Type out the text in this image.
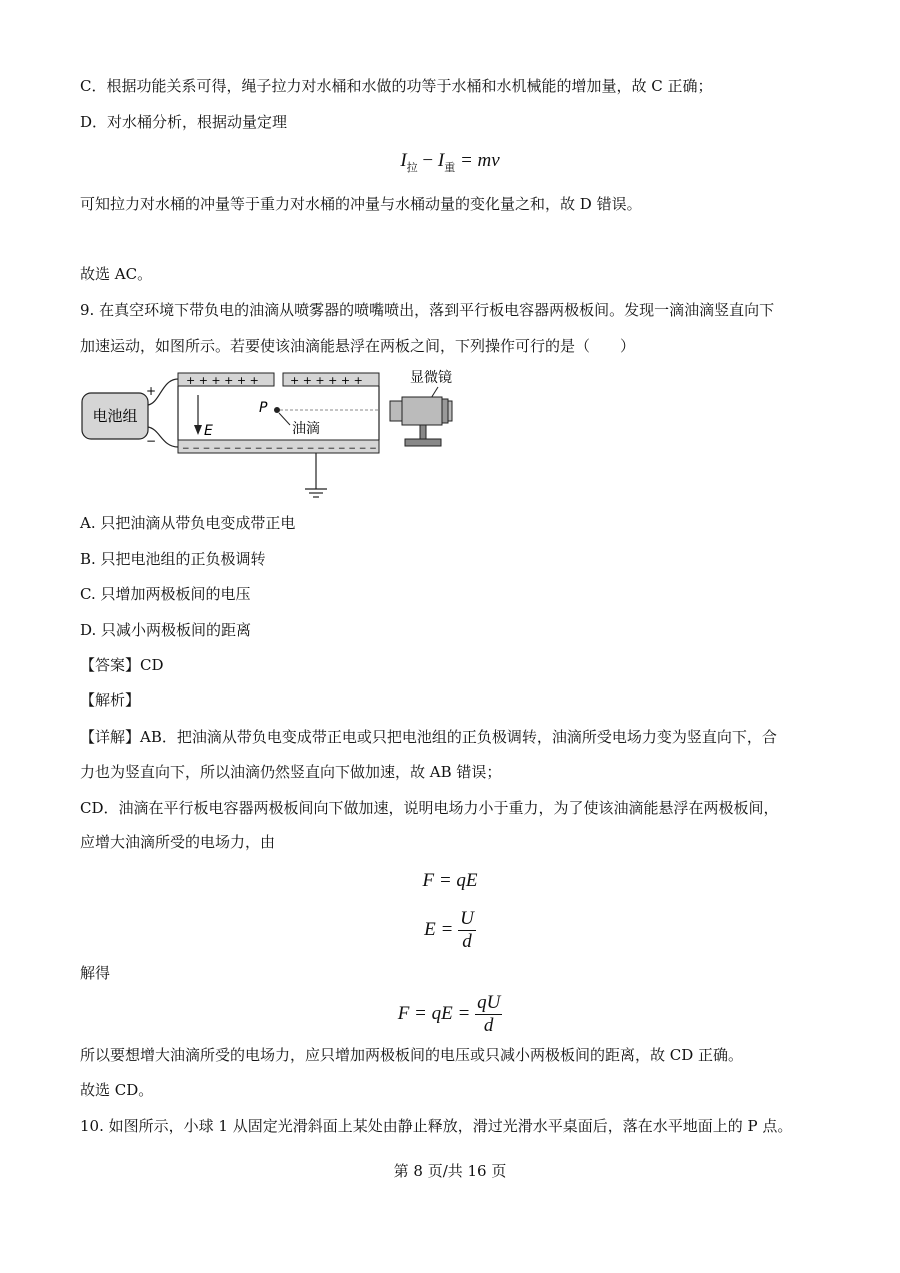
C．根据功能关系可得，绳子拉力对水桶和水做的功等于水桶和水机械能的增加量，故 C 正确；
D．对水桶分析，根据动量定理
$I_拉 - I_重$ = mv
可知拉力对水桶的冲量等于重力对水桶的冲量与水桶动量的变化量之和，故 D 错误。
故选 AC。
9. 在真空环境下带负电的油滴从喷雾器的喷嘴喷出，落到平行板电容器两极板间。发现一滴油滴竖直向下
加速运动，如图所示。若要使该油滴能悬浮在两板之间，下列操作可行的是（　　）
+ + + + + +	+ + + + + +
− − − − − − − − − − − − − − − − − − −
电池组
+
−
E
P
油滴
显微镜
A. 只把油滴从带负电变成带正电
B. 只把电池组的正负极调转
C. 只增加两极板间的电压
D. 只减小两极板间的距离
【答案】CD
【解析】
【详解】AB．把油滴从带负电变成带正电或只把电池组的正负极调转，油滴所受电场力变为竖直向下，合
力也为竖直向下，所以油滴仍然竖直向下做加速，故 AB 错误；
CD．油滴在平行板电容器两极板间向下做加速，说明电场力小于重力，为了使该油滴能悬浮在两极板间，
应增大油滴所受的电场力，由
F = qE
$E = \frac{U}{d}$
解得
F = qE = $\frac{qU}{d}$
所以要想增大油滴所受的电场力，应只增加两极板间的电压或只减小两极板间的距离，故 CD 正确。
故选 CD。
10. 如图所示，小球 1 从固定光滑斜面上某处由静止释放，滑过光滑水平桌面后，落在水平地面上的 P 点。
第 8 页/共 16 页
